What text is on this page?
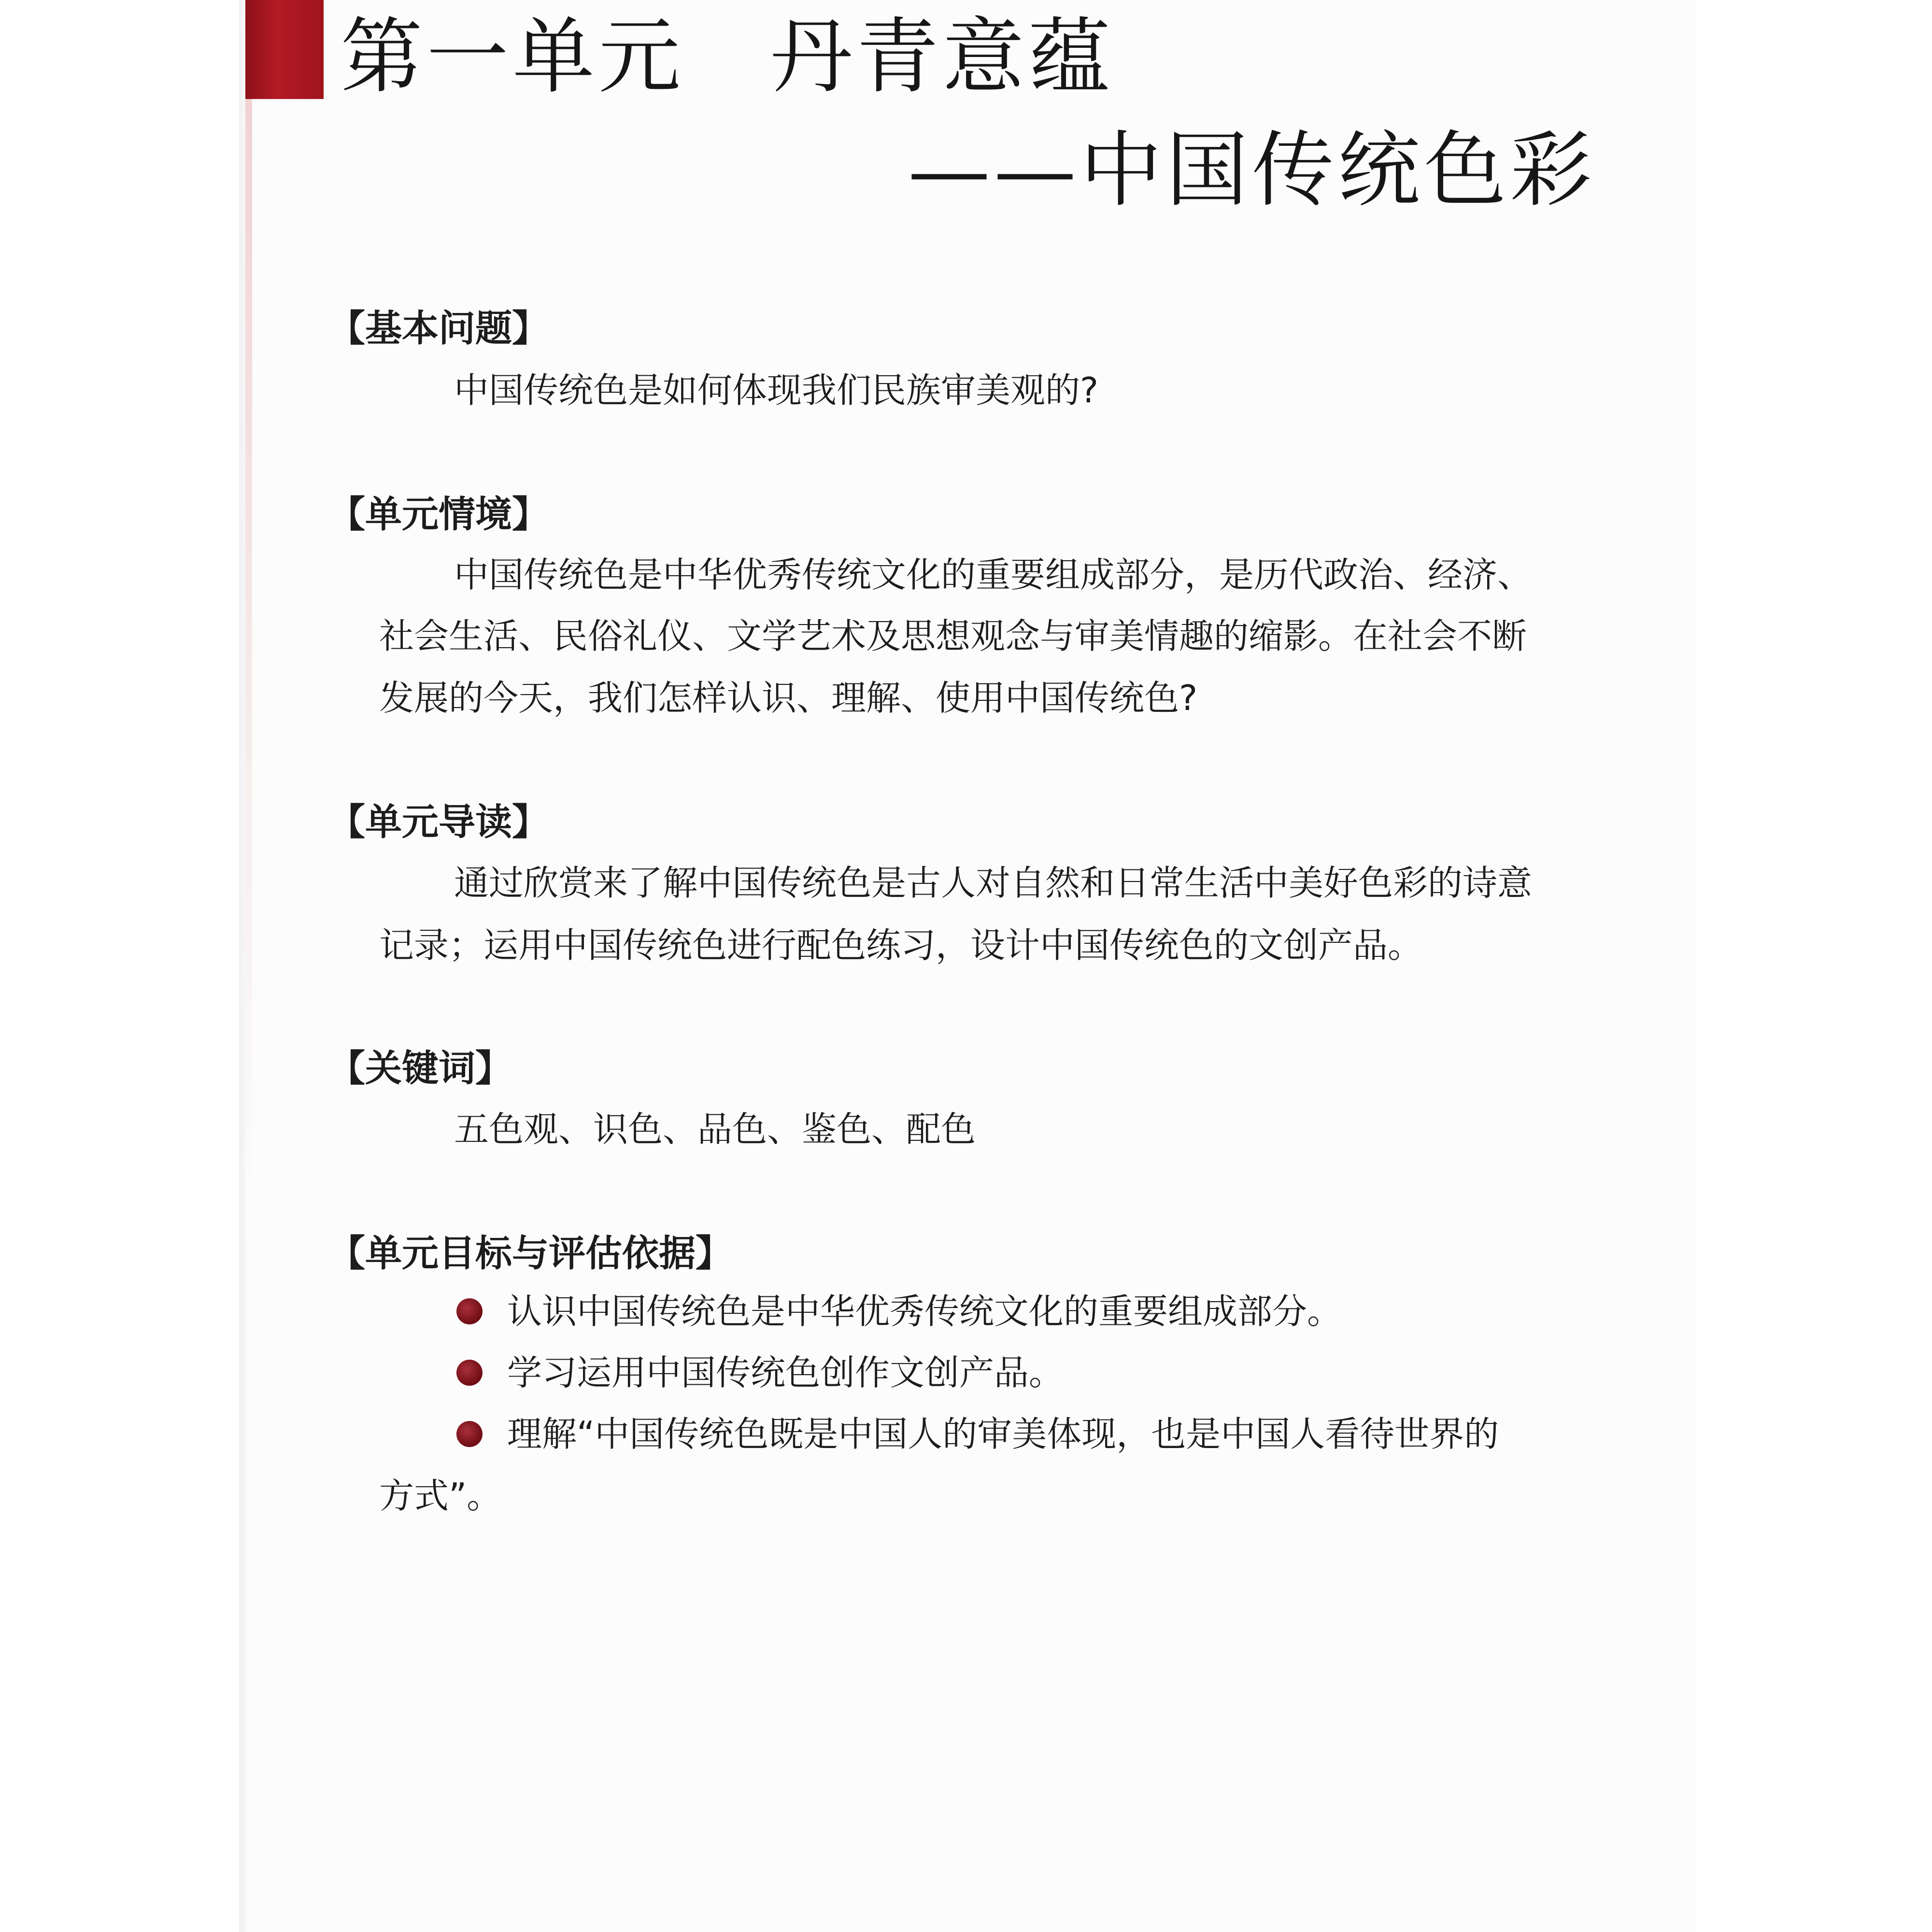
第一单元　丹青意蕴
——中国传统色彩
【基本问题】
中国传统色是如何体现我们民族审美观的?
【单元情境】
中国传统色是中华优秀传统文化的重要组成部分，是历代政治、经济、
社会生活、民俗礼仪、文学艺术及思想观念与审美情趣的缩影。在社会不断
发展的今天，我们怎样认识、理解、使用中国传统色?
【单元导读】
通过欣赏来了解中国传统色是古人对自然和日常生活中美好色彩的诗意
记录；运用中国传统色进行配色练习，设计中国传统色的文创产品。
【关键词】
五色观、识色、品色、鉴色、配色
【单元目标与评估依据】
认识中国传统色是中华优秀传统文化的重要组成部分。
学习运用中国传统色创作文创产品。
理解“中国传统色既是中国人的审美体现，也是中国人看待世界的
方式”。
